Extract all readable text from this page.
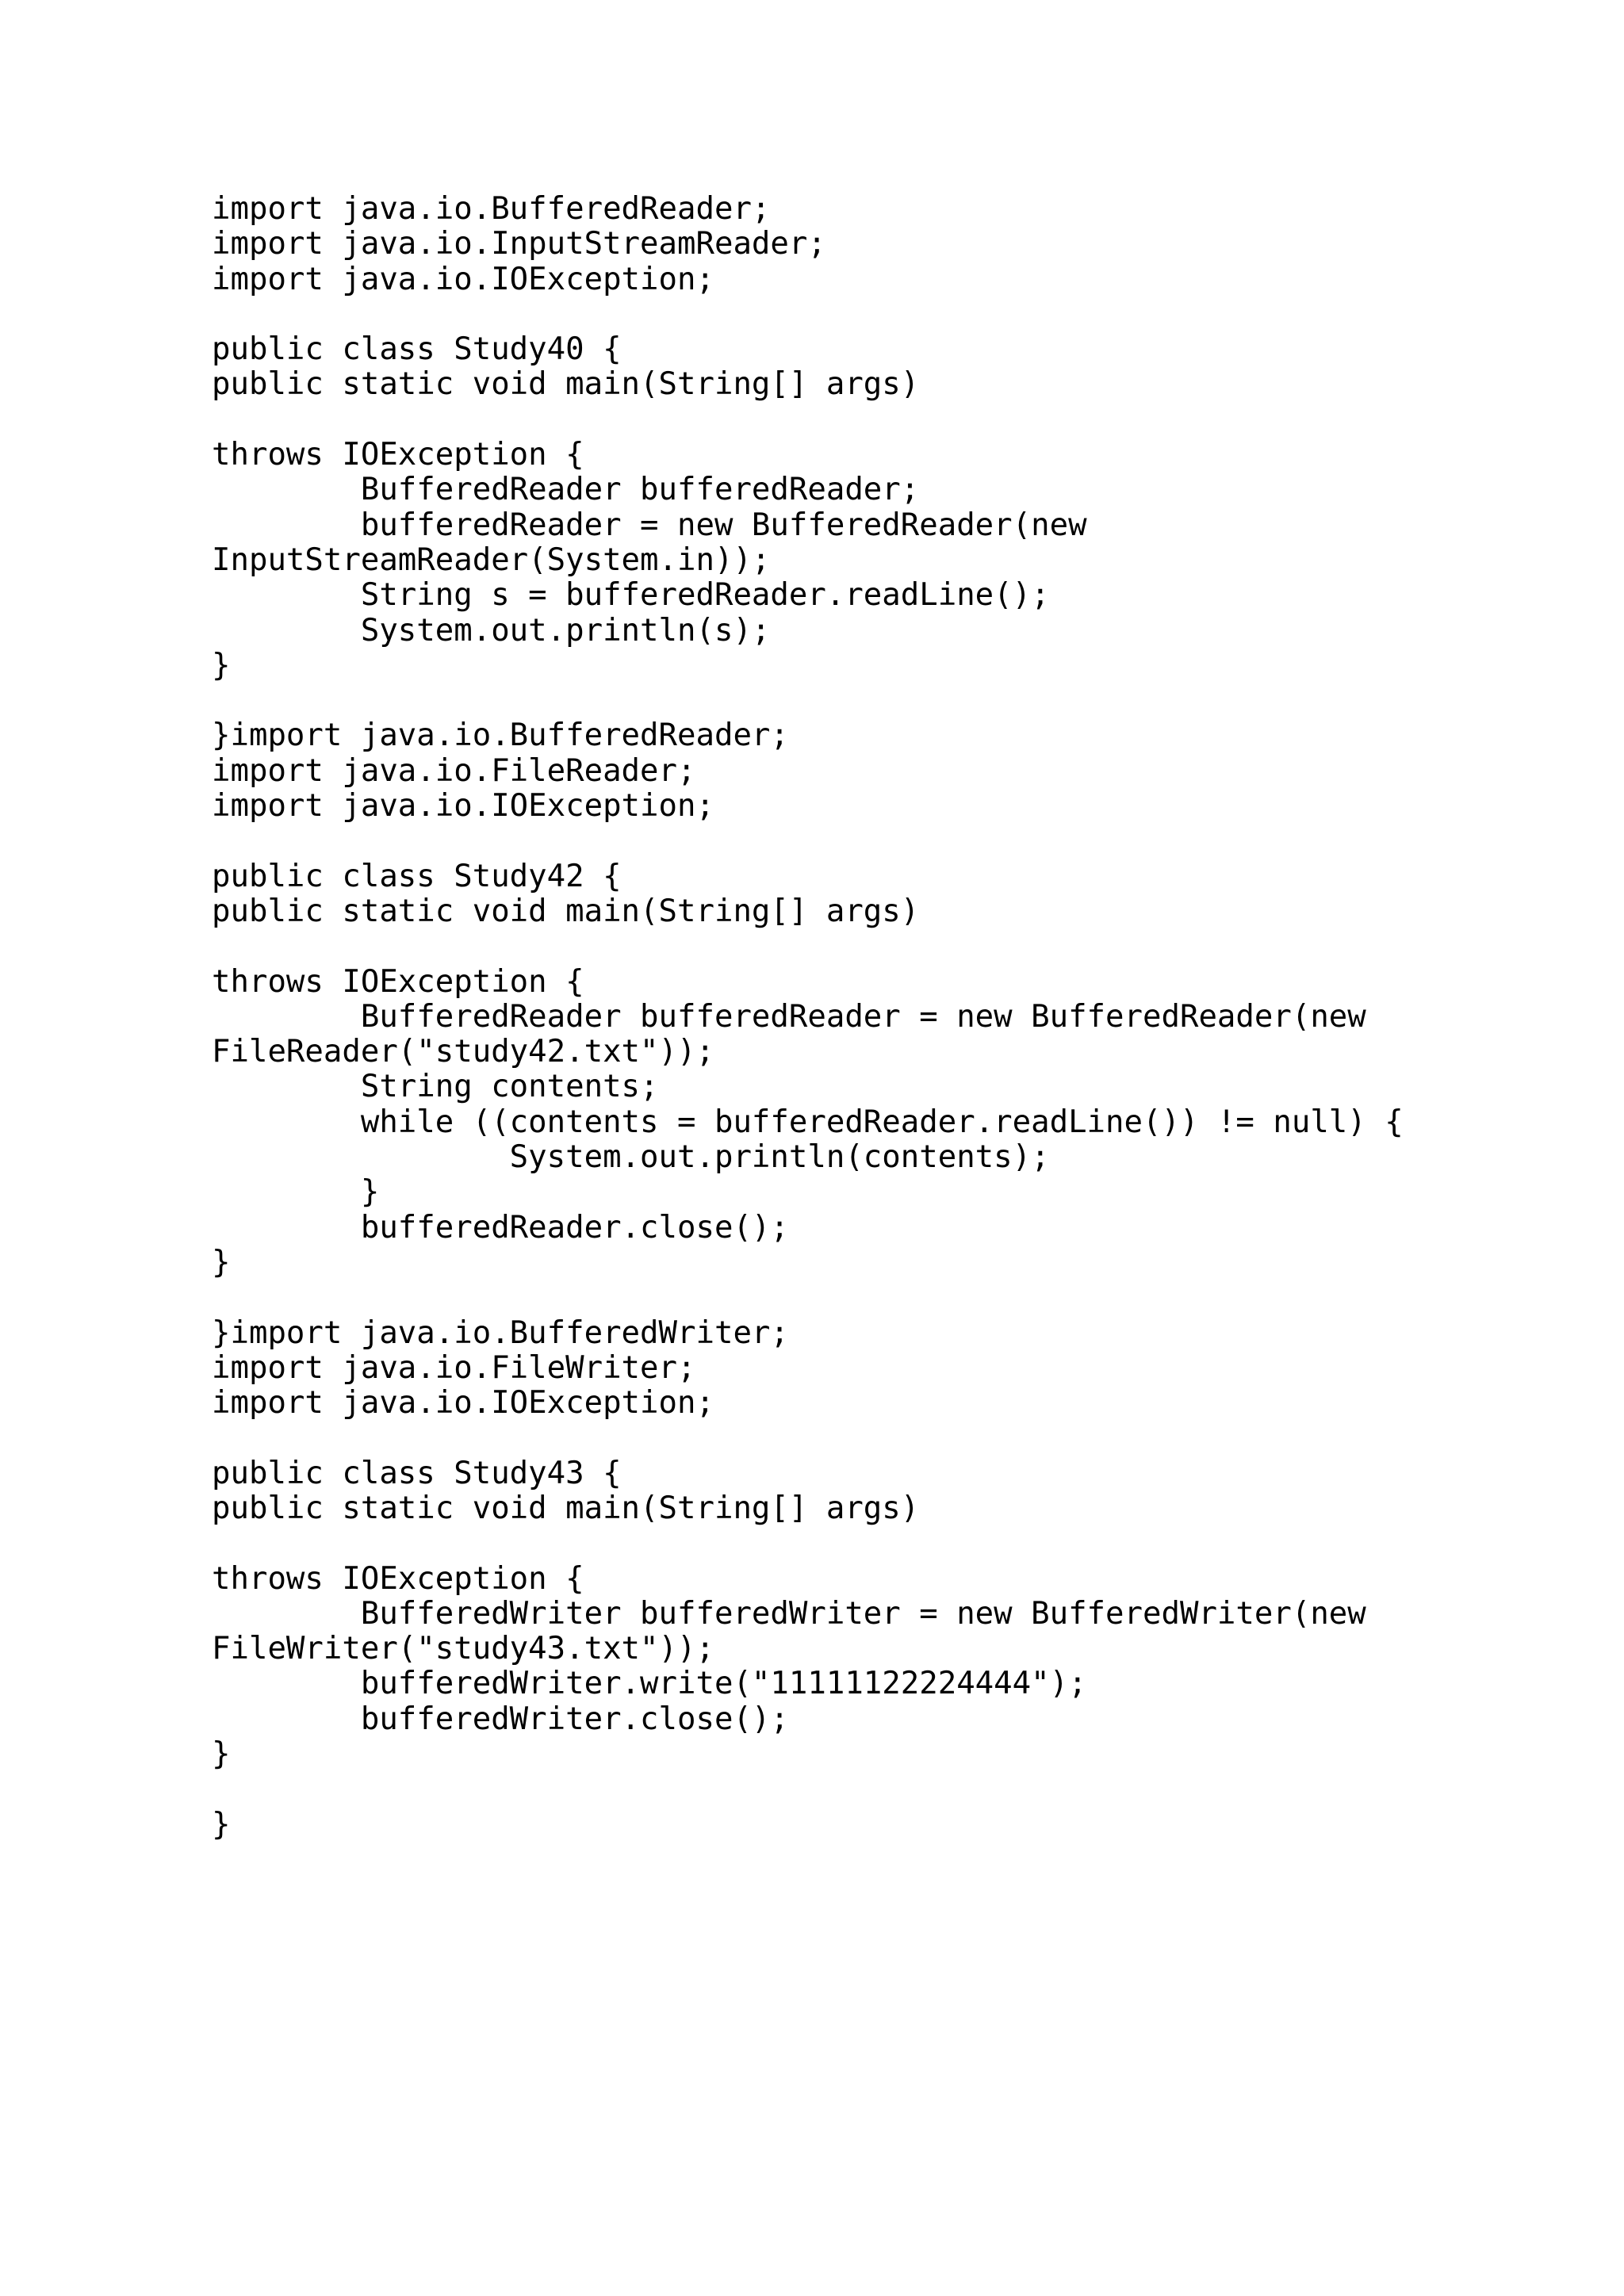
import java.io.BufferedReader;
import java.io.InputStreamReader;
import java.io.IOException;
public class Study40 {
public static void main(String[] args)
throws IOException {
BufferedReader bufferedReader;
bufferedReader = new BufferedReader(new
InputStreamReader(System.in));
String s = bufferedReader.readLine();
System.out.println(s);
}
}import java.io.BufferedReader;
import java.io.FileReader;
import java.io.IOException;
public class Study42 {
public static void main(String[] args)
throws IOException {
BufferedReader bufferedReader = new BufferedReader(new
FileReader("study42.txt"));
String contents;
while ((contents = bufferedReader.readLine()) != null) {
System.out.println(contents);
}
bufferedReader.close();
}
}import java.io.BufferedWriter;
import java.io.FileWriter;
import java.io.IOException;
public class Study43 {
public static void main(String[] args)
throws IOException {
BufferedWriter bufferedWriter = new BufferedWriter(new
FileWriter("study43.txt"));
bufferedWriter.write("11111122224444");
bufferedWriter.close();
}
}
